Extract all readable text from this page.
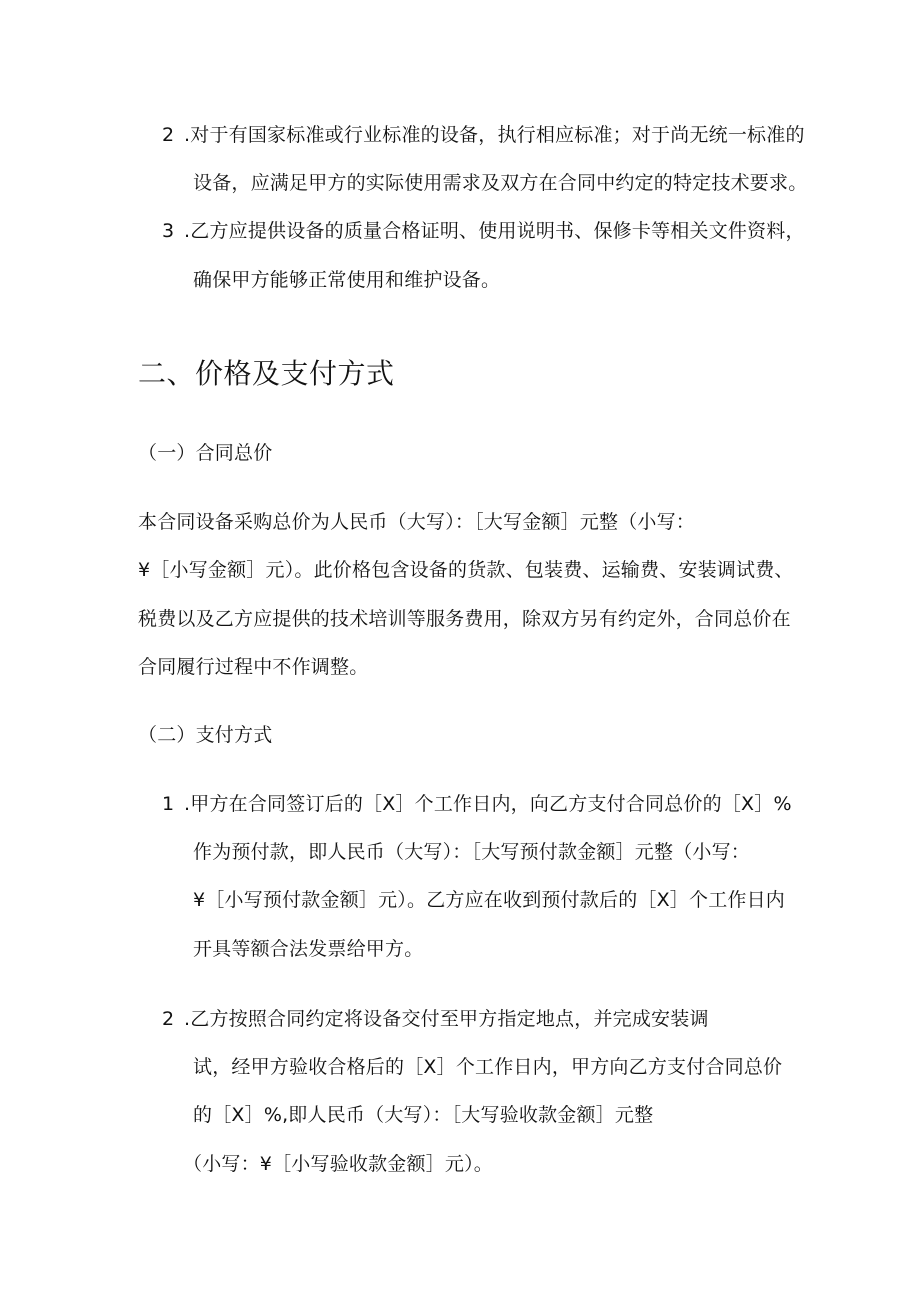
2 .对于有国家标准或行业标准的设备，执行相应标准；对于尚无统一标准的
设备，应满足甲方的实际使用需求及双方在合同中约定的特定技术要求。
3 .乙方应提供设备的质量合格证明、使用说明书、保修卡等相关文件资料，
确保甲方能够正常使用和维护设备。
二、价格及支付方式
（一）合同总价
本合同设备采购总价为人民币（大写）：［大写金额］元整（小写：
¥［小写金额］元）。此价格包含设备的货款、包装费、运输费、安装调试费、
税费以及乙方应提供的技术培训等服务费用，除双方另有约定外，合同总价在
合同履行过程中不作调整。
（二）支付方式
1 .甲方在合同签订后的［X］个工作日内，向乙方支付合同总价的［X］%
作为预付款，即人民币（大写）：［大写预付款金额］元整（小写：
¥［小写预付款金额］元）。乙方应在收到预付款后的［X］个工作日内
开具等额合法发票给甲方。
2 .乙方按照合同约定将设备交付至甲方指定地点，并完成安装调
试，经甲方验收合格后的［X］个工作日内，甲方向乙方支付合同总价
的［X］%,即人民币（大写）：［大写验收款金额］元整
（小写：¥［小写验收款金额］元）。
